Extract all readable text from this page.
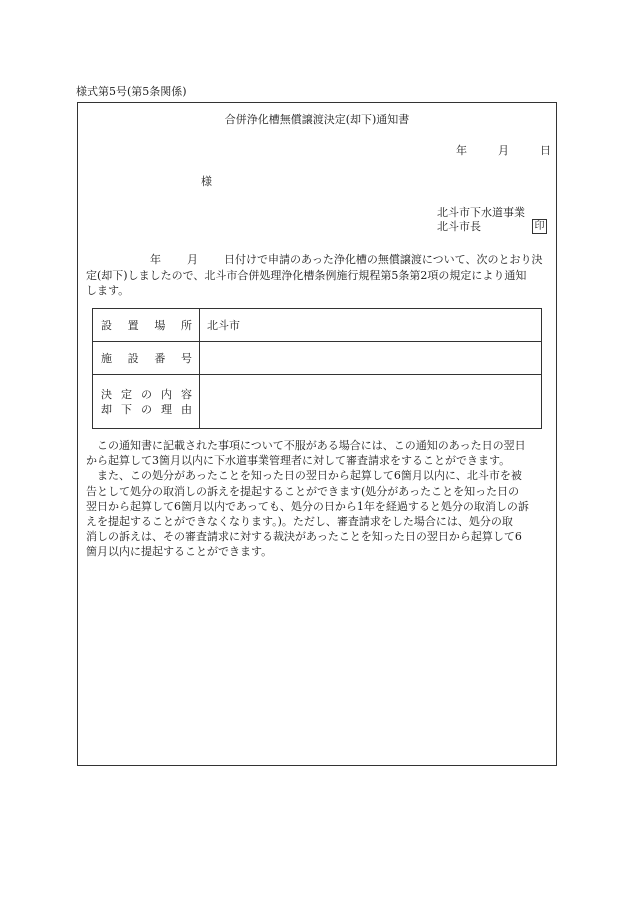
様式第5号(第5条関係)
合併浄化槽無償譲渡決定(却下)通知書
年	月	日
様
北斗市下水道事業
北斗市長	印

年 月 日付けで申請のあった浄化槽の無償譲渡について、次のとおり決

定(却下)しましたので、北斗市合併処理浄化槽条例施行規程第5条第2項の規定により通知

します。

設 置 場 所 北斗市
施 設 番 号
決 定 の 内 容
却 下 の 理 由

この通知書に記載された事項について不服がある場合には、この通知のあった日の翌日

から起算して3箇月以内に下水道事業管理者に対して審査請求をすることができます。

また、この処分があったことを知った日の翌日から起算して6箇月以内に、北斗市を被

告として処分の取消しの訴えを提起することができます(処分があったことを知った日の

翌日から起算して6箇月以内であっても、処分の日から1年を経過すると処分の取消しの訴

えを提起することができなくなります。)。ただし、審査請求をした場合には、処分の取

消しの訴えは、その審査請求に対する裁決があったことを知った日の翌日から起算して6

箇月以内に提起することができます。
